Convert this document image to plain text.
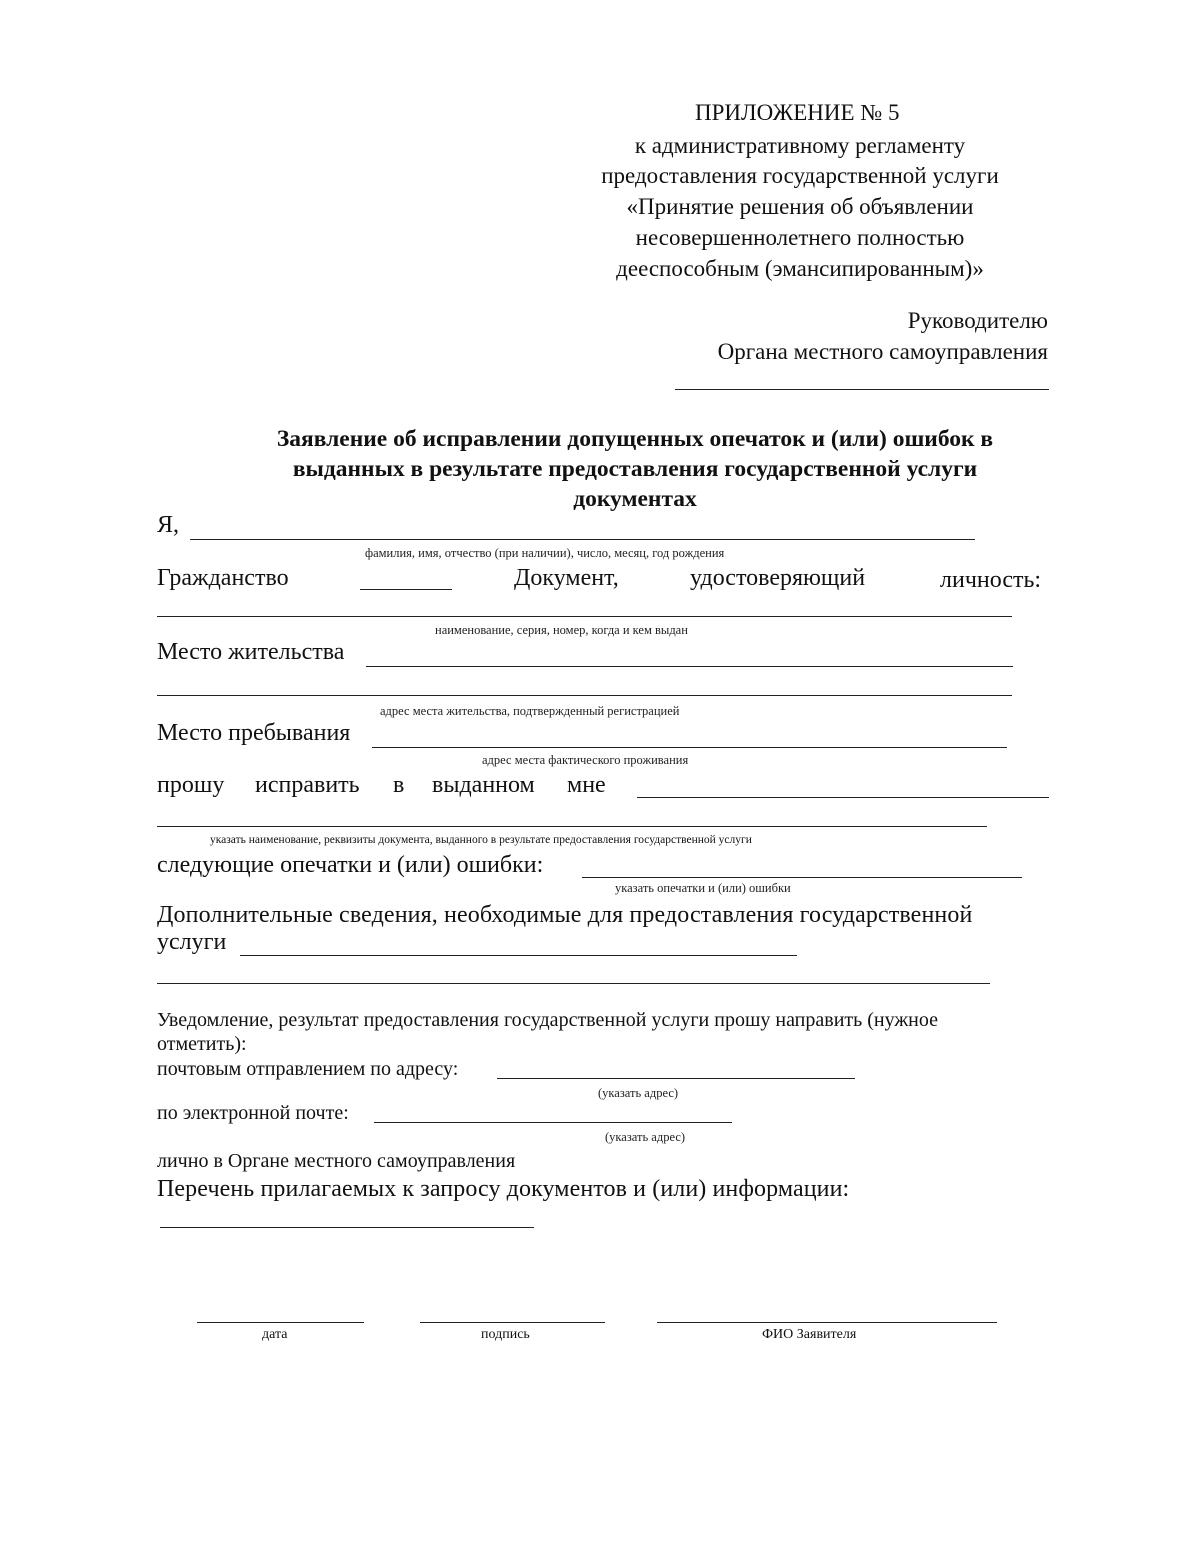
ПРИЛОЖЕНИЕ № 5
к административному регламенту
предоставления государственной услуги
«Принятие решения об объявлении
несовершеннолетнего полностью
дееспособным (эмансипированным)»
Руководителю
Органа местного самоуправления
Заявление об исправлении допущенных опечаток и (или) ошибок в
выданных в результате предоставления государственной услуги
документах
Я,
фамилия, имя, отчество (при наличии), число, месяц, год рождения
Гражданство	Документ,	удостоверяющий	личность:
наименование, серия, номер, когда и кем выдан
Место жительства
адрес места жительства, подтвержденный регистрацией
Место пребывания
адрес места фактического проживания
прошу исправить в выданном мне
указать наименование, реквизиты документа, выданного в результате предоставления государственной услуги
следующие опечатки и (или) ошибки:
указать опечатки и (или) ошибки
Дополнительные сведения, необходимые для предоставления государственной
услуги
Уведомление, результат предоставления государственной услуги прошу направить (нужное
отметить):
почтовым отправлением по адресу:
(указать адрес)
по электронной почте:
(указать адрес)
лично в Органе местного самоуправления
Перечень прилагаемых к запросу документов и (или) информации:
дата	подпись	ФИО Заявителя
